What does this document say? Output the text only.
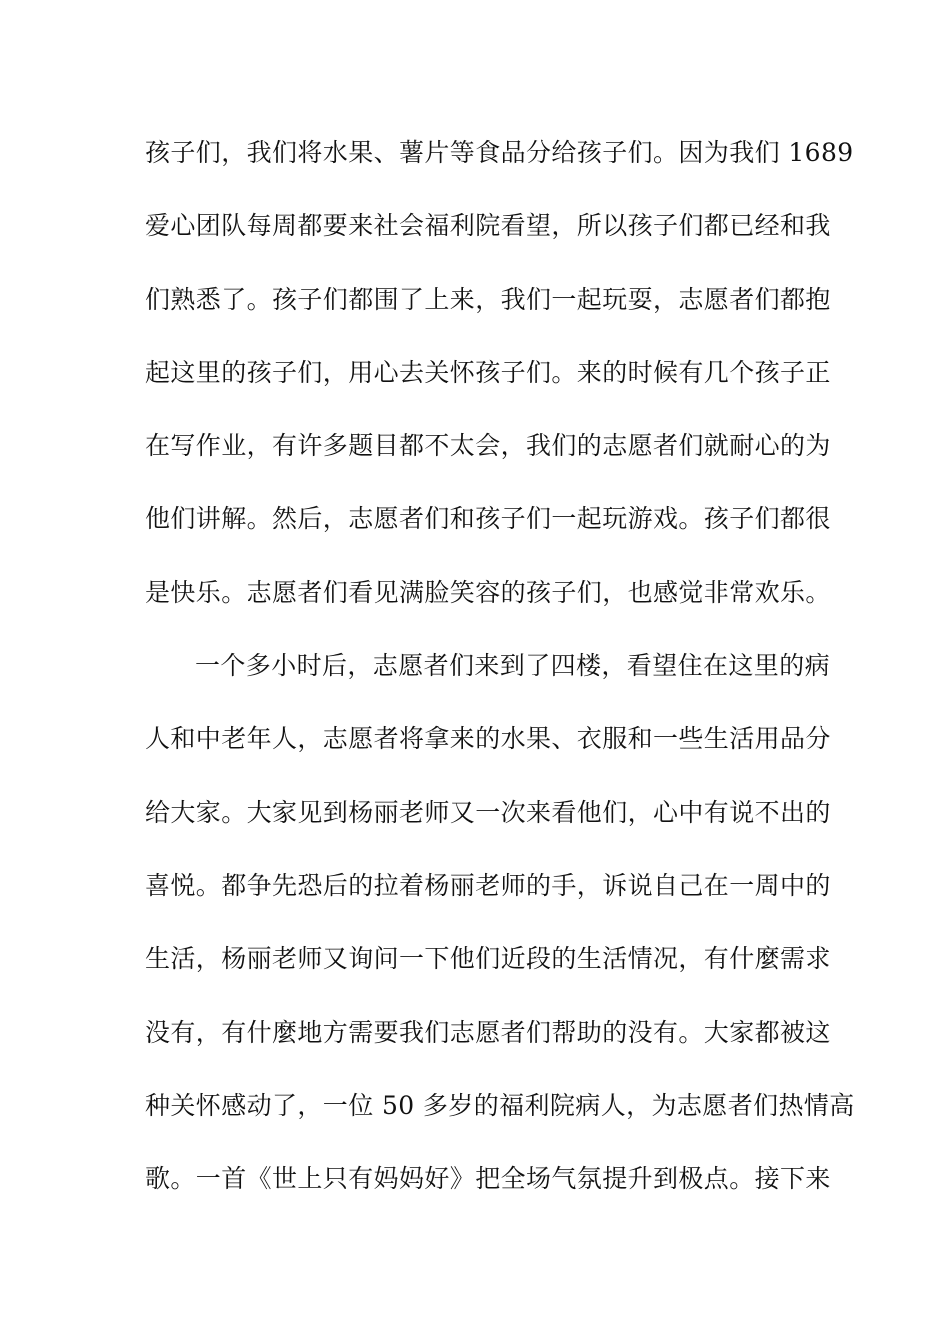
孩子们，我们将水果、薯片等食品分给孩子们。因为我们 1689
爱心团队每周都要来社会福利院看望，所以孩子们都已经和我
们熟悉了。孩子们都围了上来，我们一起玩耍，志愿者们都抱
起这里的孩子们，用心去关怀孩子们。来的时候有几个孩子正
在写作业，有许多题目都不太会，我们的志愿者们就耐心的为
他们讲解。然后，志愿者们和孩子们一起玩游戏。孩子们都很
是快乐。志愿者们看见满脸笑容的孩子们，也感觉非常欢乐。
一个多小时后，志愿者们来到了四楼，看望住在这里的病
人和中老年人，志愿者将拿来的水果、衣服和一些生活用品分
给大家。大家见到杨丽老师又一次来看他们，心中有说不出的
喜悦。都争先恐后的拉着杨丽老师的手，诉说自己在一周中的
生活，杨丽老师又询问一下他们近段的生活情况，有什麼需求
没有，有什麼地方需要我们志愿者们帮助的没有。大家都被这
种关怀感动了，一位 50 多岁的福利院病人，为志愿者们热情高
歌。一首《世上只有妈妈好》把全场气氛提升到极点。接下来
